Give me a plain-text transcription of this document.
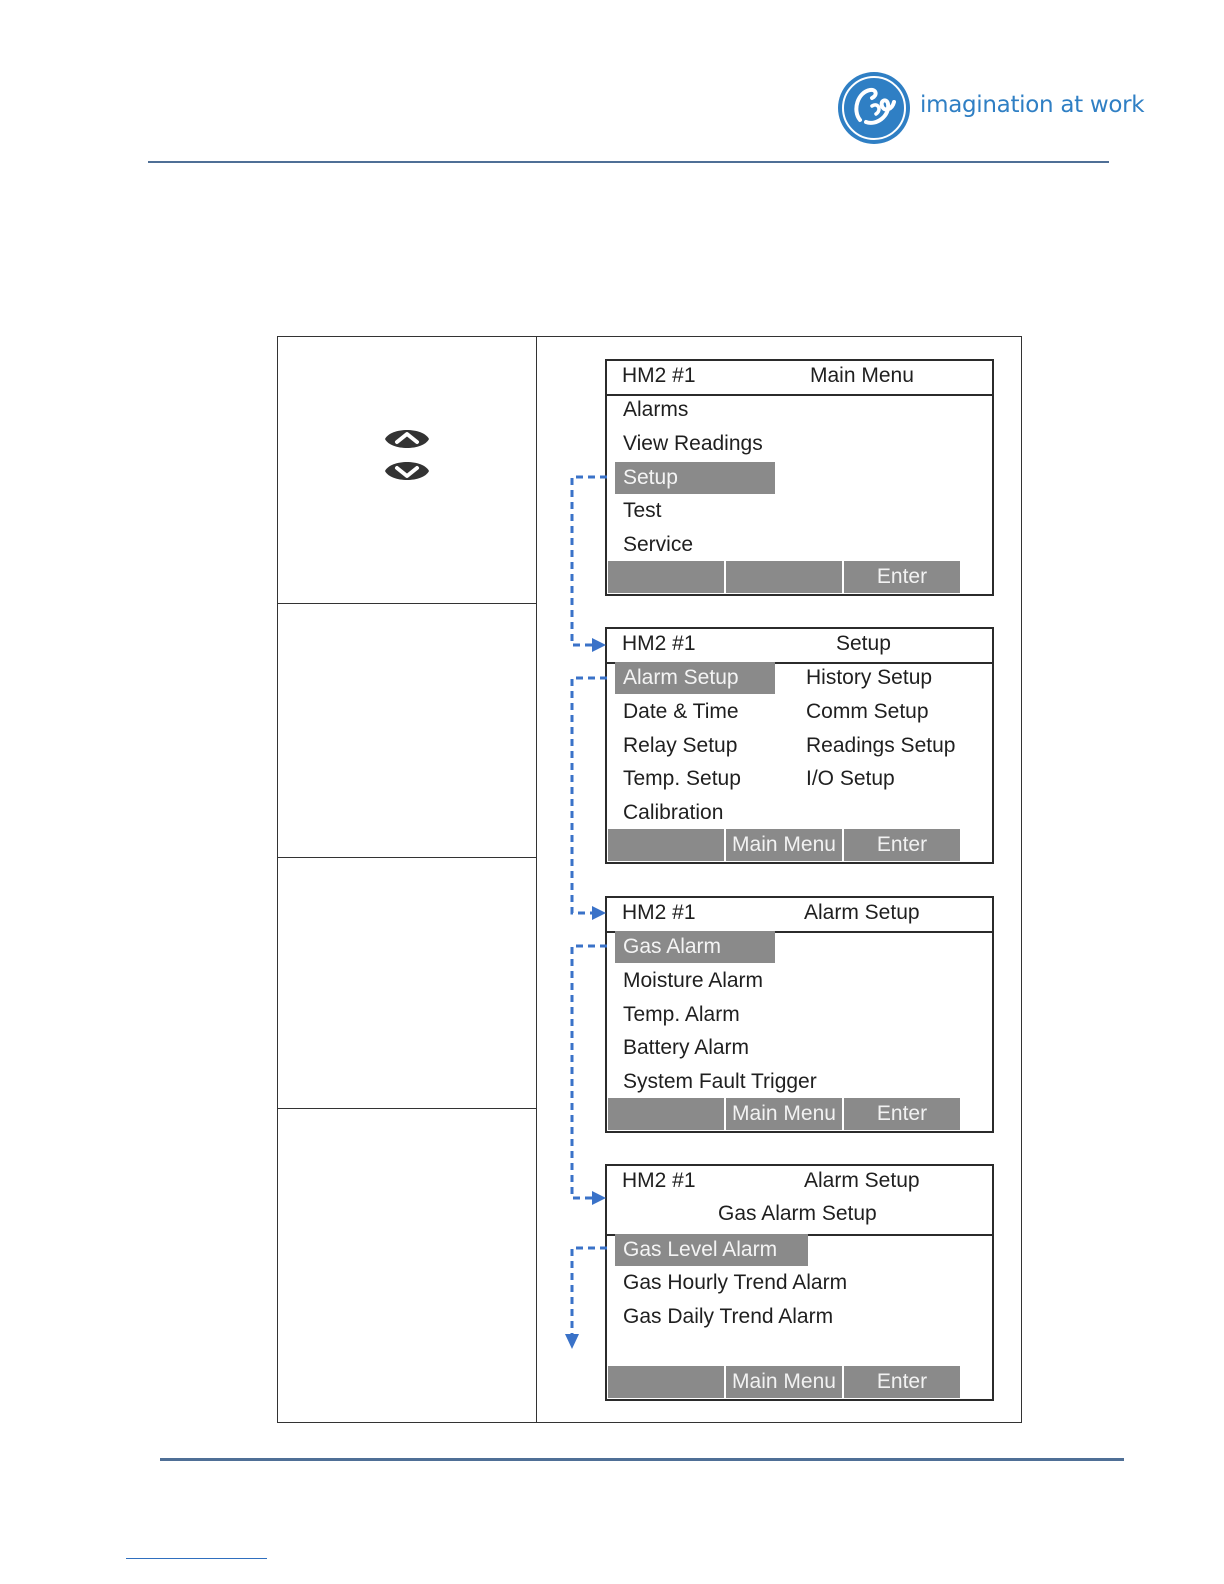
imagination at work
HM2 #1	Main Menu
Alarms
View Readings
Setup
Test
Service
Enter
HM2 #1	Setup
Alarm Setup
Date & Time
Relay Setup
Temp. Setup
Calibration
History Setup
Comm Setup
Readings Setup
I/O Setup
Main Menu	Enter
HM2 #1	Alarm Setup
Gas Alarm
Moisture Alarm
Temp. Alarm
Battery Alarm
System Fault Trigger
Main Menu	Enter
HM2 #1	Alarm Setup
Gas Alarm Setup
Gas Level Alarm
Gas Hourly Trend Alarm
Gas Daily Trend Alarm
Main Menu	Enter
